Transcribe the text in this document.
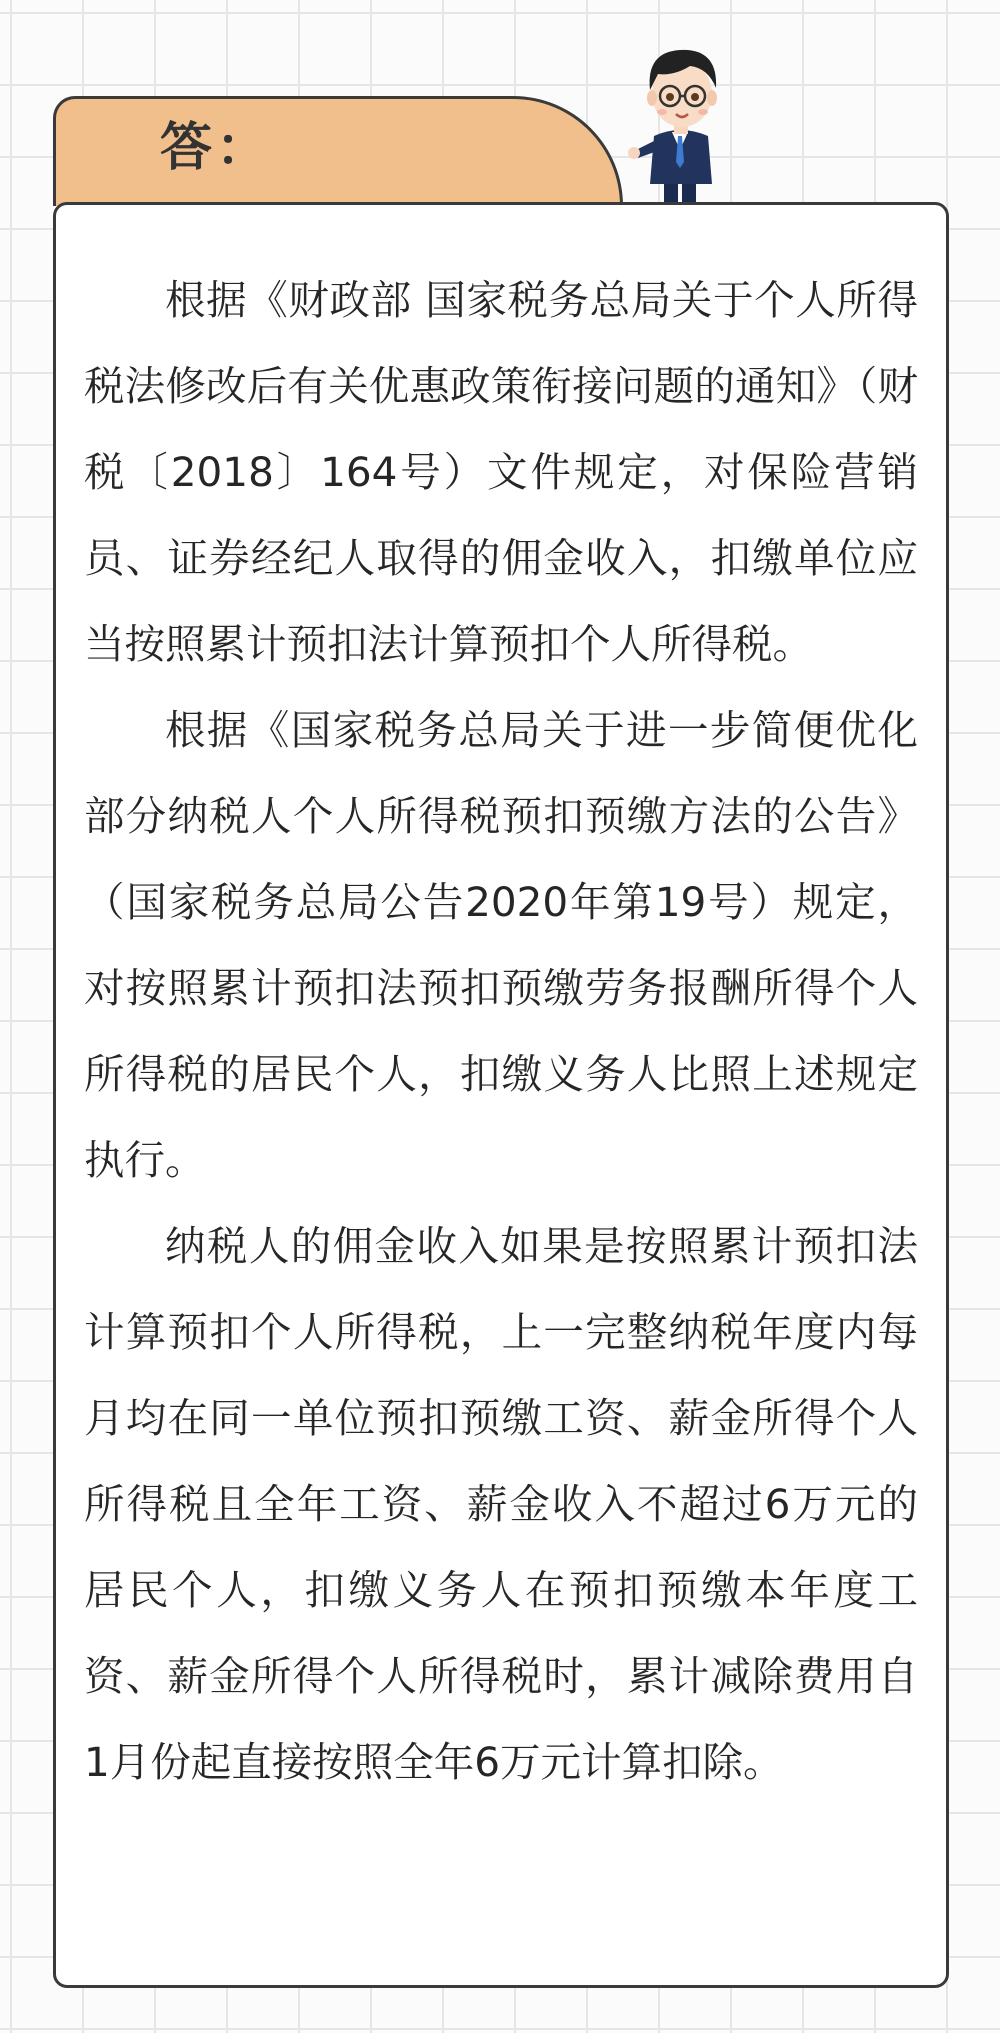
答：

根据《财政部 国家税务总局关于个人所得税法修改后有关优惠政策衔接问题的通知》（财税〔2018〕164号）文件规定，对保险营销员、证券经纪人取得的佣金收入，扣缴单位应当按照累计预扣法计算预扣个人所得税。

根据《国家税务总局关于进一步简便优化部分纳税人个人所得税预扣预缴方法的公告》（国家税务总局公告2020年第19号）规定，对按照累计预扣法预扣预缴劳务报酬所得个人所得税的居民个人，扣缴义务人比照上述规定执行。

纳税人的佣金收入如果是按照累计预扣法计算预扣个人所得税，上一完整纳税年度内每月均在同一单位预扣预缴工资、薪金所得个人所得税且全年工资、薪金收入不超过6万元的居民个人，扣缴义务人在预扣预缴本年度工资、薪金所得个人所得税时，累计减除费用自1月份起直接按照全年6万元计算扣除。
